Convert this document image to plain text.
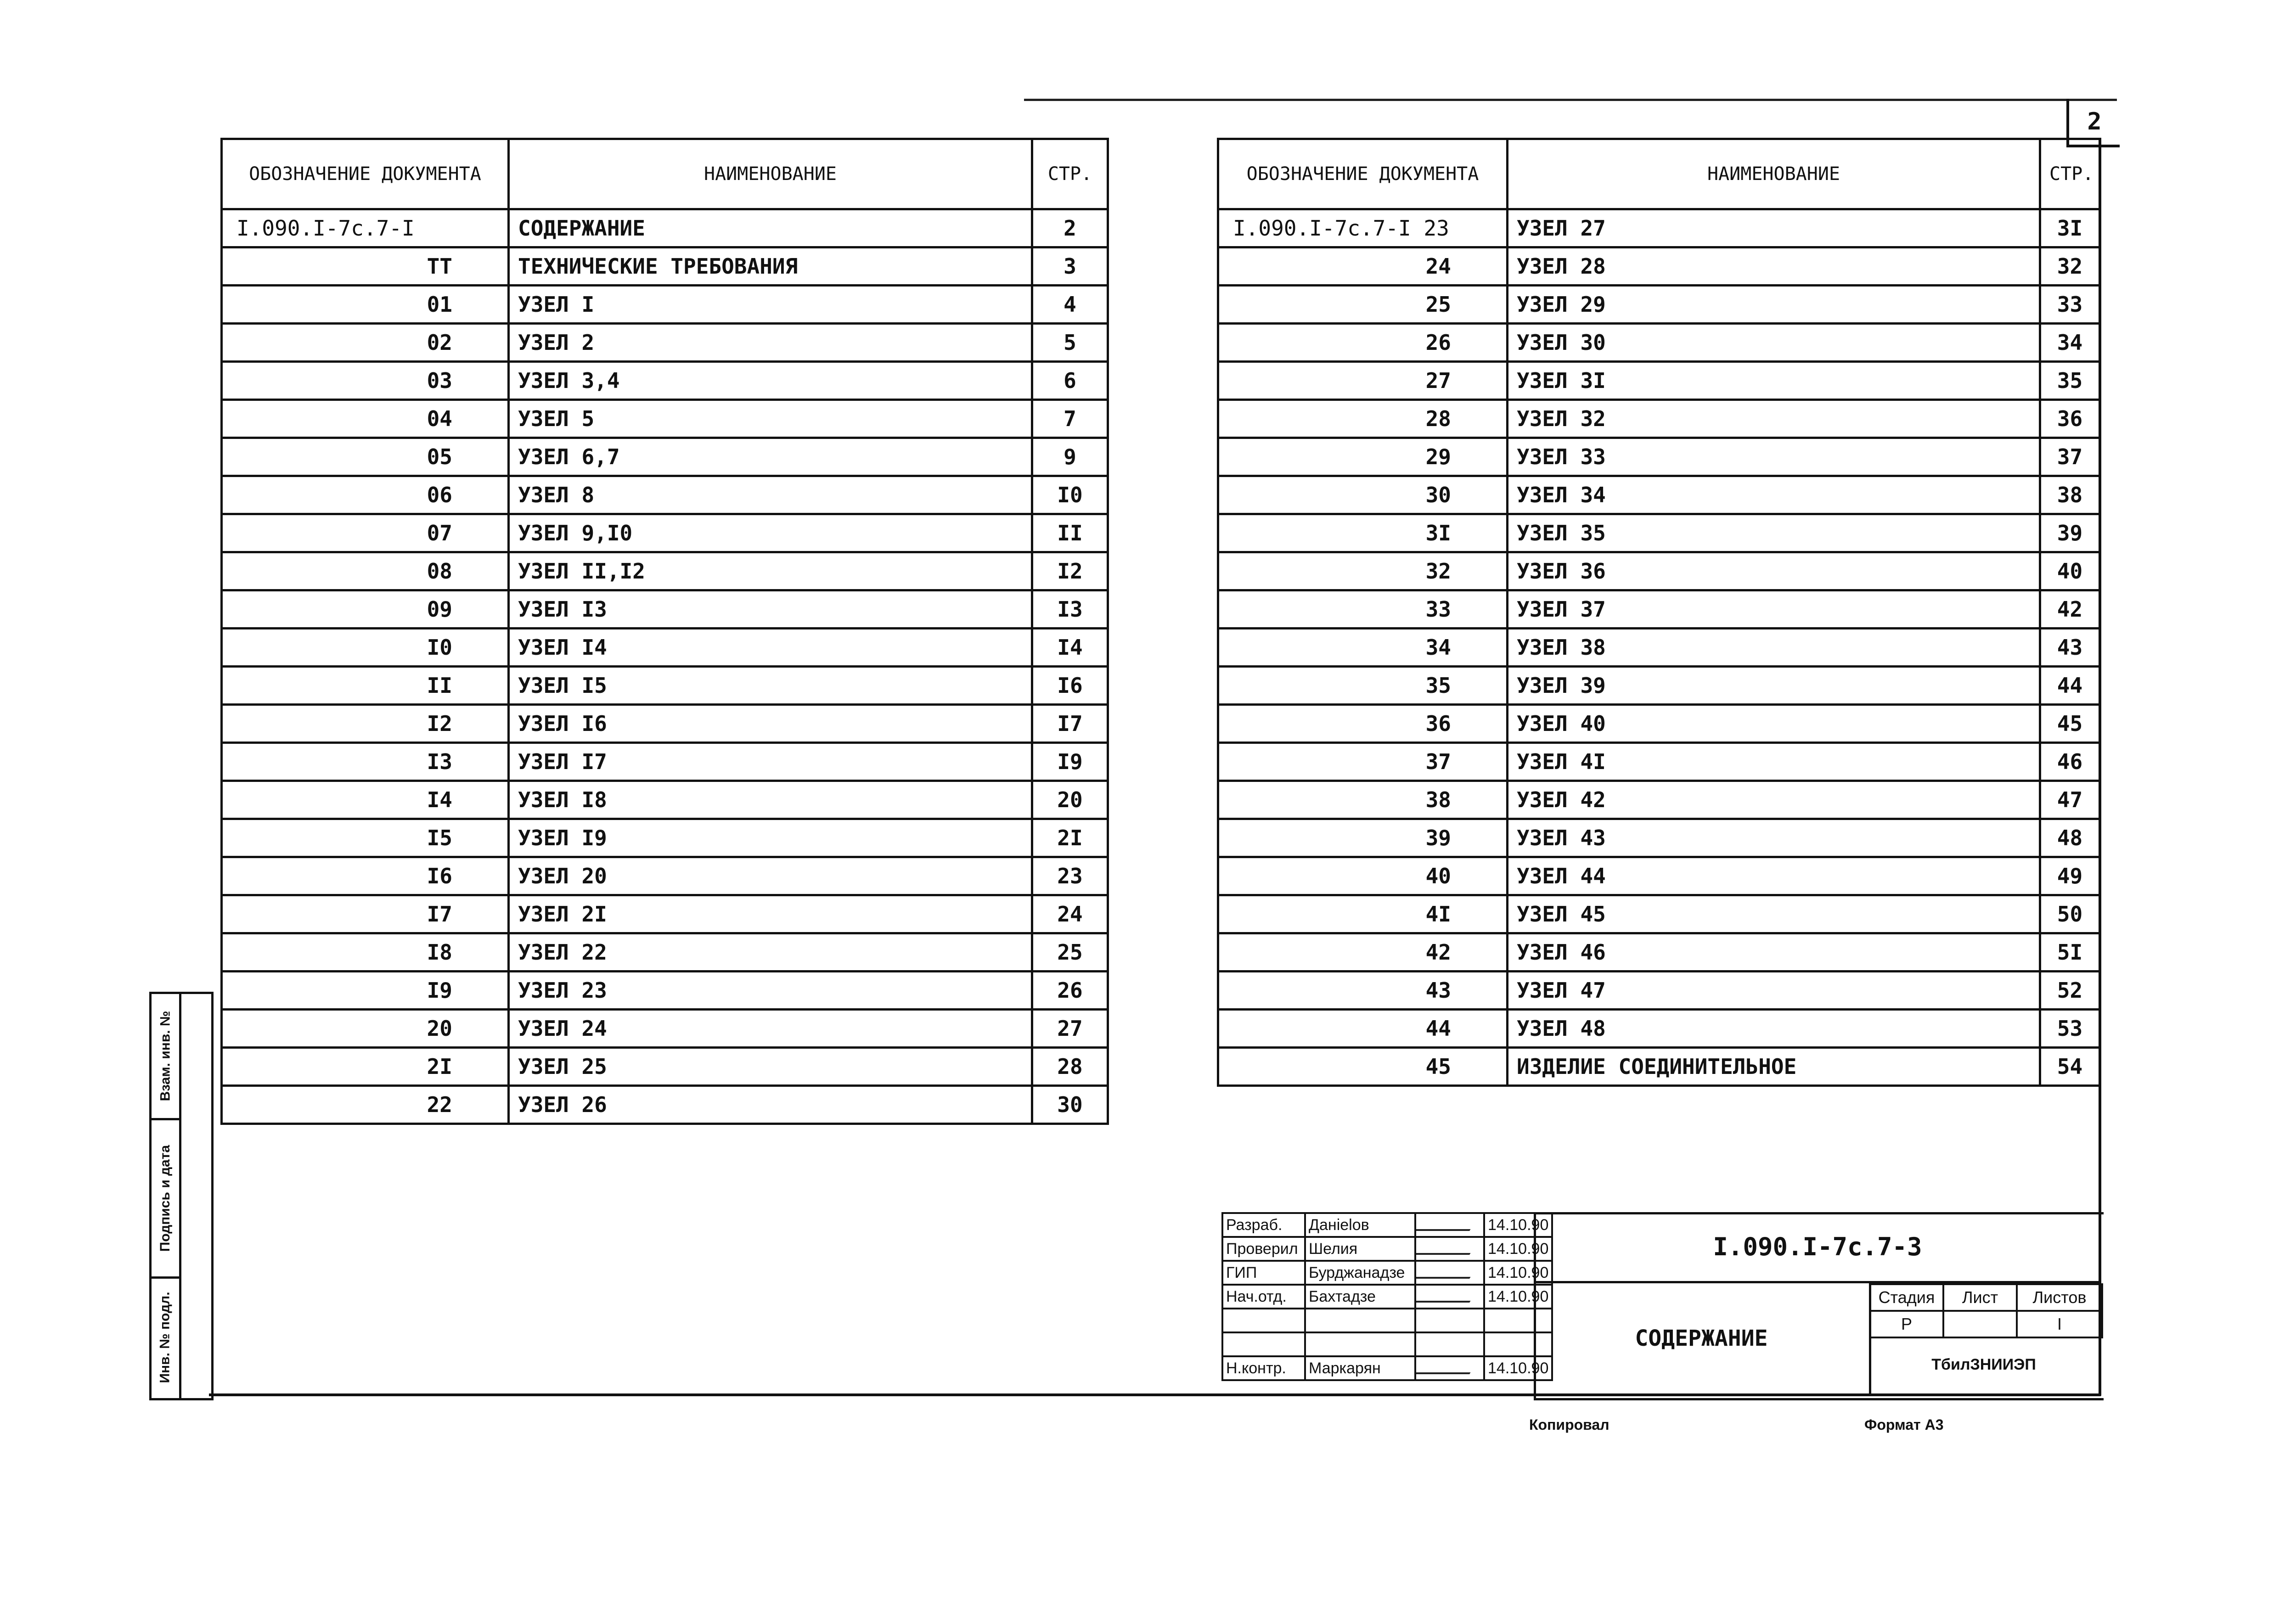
2
ОБОЗНАЧЕНИЕ ДОКУМЕНТА	НАИМЕНОВАНИЕ	СТР.
I.090.I-7с.7-I	СОДЕРЖАНИЕ	2
ТТ	ТЕХНИЧЕСКИЕ ТРЕБОВАНИЯ	3
01	УЗЕЛ I	4
02	УЗЕЛ 2	5
03	УЗЕЛ 3,4	6
04	УЗЕЛ 5	7
05	УЗЕЛ 6,7	9
06	УЗЕЛ 8	I0
07	УЗЕЛ 9,I0	II
08	УЗЕЛ II,I2	I2
09	УЗЕЛ I3	I3
I0	УЗЕЛ I4	I4
II	УЗЕЛ I5	I6
I2	УЗЕЛ I6	I7
I3	УЗЕЛ I7	I9
I4	УЗЕЛ I8	20
I5	УЗЕЛ I9	2I
I6	УЗЕЛ 20	23
I7	УЗЕЛ 2I	24
I8	УЗЕЛ 22	25
I9	УЗЕЛ 23	26
20	УЗЕЛ 24	27
2I	УЗЕЛ 25	28
22	УЗЕЛ 26	30
ОБОЗНАЧЕНИЕ ДОКУМЕНТА	НАИМЕНОВАНИЕ	СТР.
I.090.I-7с.7-I 23	УЗЕЛ 27	3I
24	УЗЕЛ 28	32
25	УЗЕЛ 29	33
26	УЗЕЛ 30	34
27	УЗЕЛ 3I	35
28	УЗЕЛ 32	36
29	УЗЕЛ 33	37
30	УЗЕЛ 34	38
3I	УЗЕЛ 35	39
32	УЗЕЛ 36	40
33	УЗЕЛ 37	42
34	УЗЕЛ 38	43
35	УЗЕЛ 39	44
36	УЗЕЛ 40	45
37	УЗЕЛ 4I	46
38	УЗЕЛ 42	47
39	УЗЕЛ 43	48
40	УЗЕЛ 44	49
4I	УЗЕЛ 45	50
42	УЗЕЛ 46	5I
43	УЗЕЛ 47	52
44	УЗЕЛ 48	53
45	ИЗДЕЛИЕ СОЕДИНИТЕЛЬНОЕ	54
Взам. инв. №
Подпись и дата
Инв. № подл.
Разраб.	Данielов		14.10.90
Проверил	Шелия		14.10.90
ГИП	Бурджанадзе		14.10.90
Нач.отд.	Бахтадзе		14.10.90

Н.контр.	Маркарян		14.10.90
I.090.I-7с.7-3
СОДЕРЖАНИЕ
Стадия	Лист	Листов
Р		I
ТбилЗНИИЭП
Копировал	Формат А3
